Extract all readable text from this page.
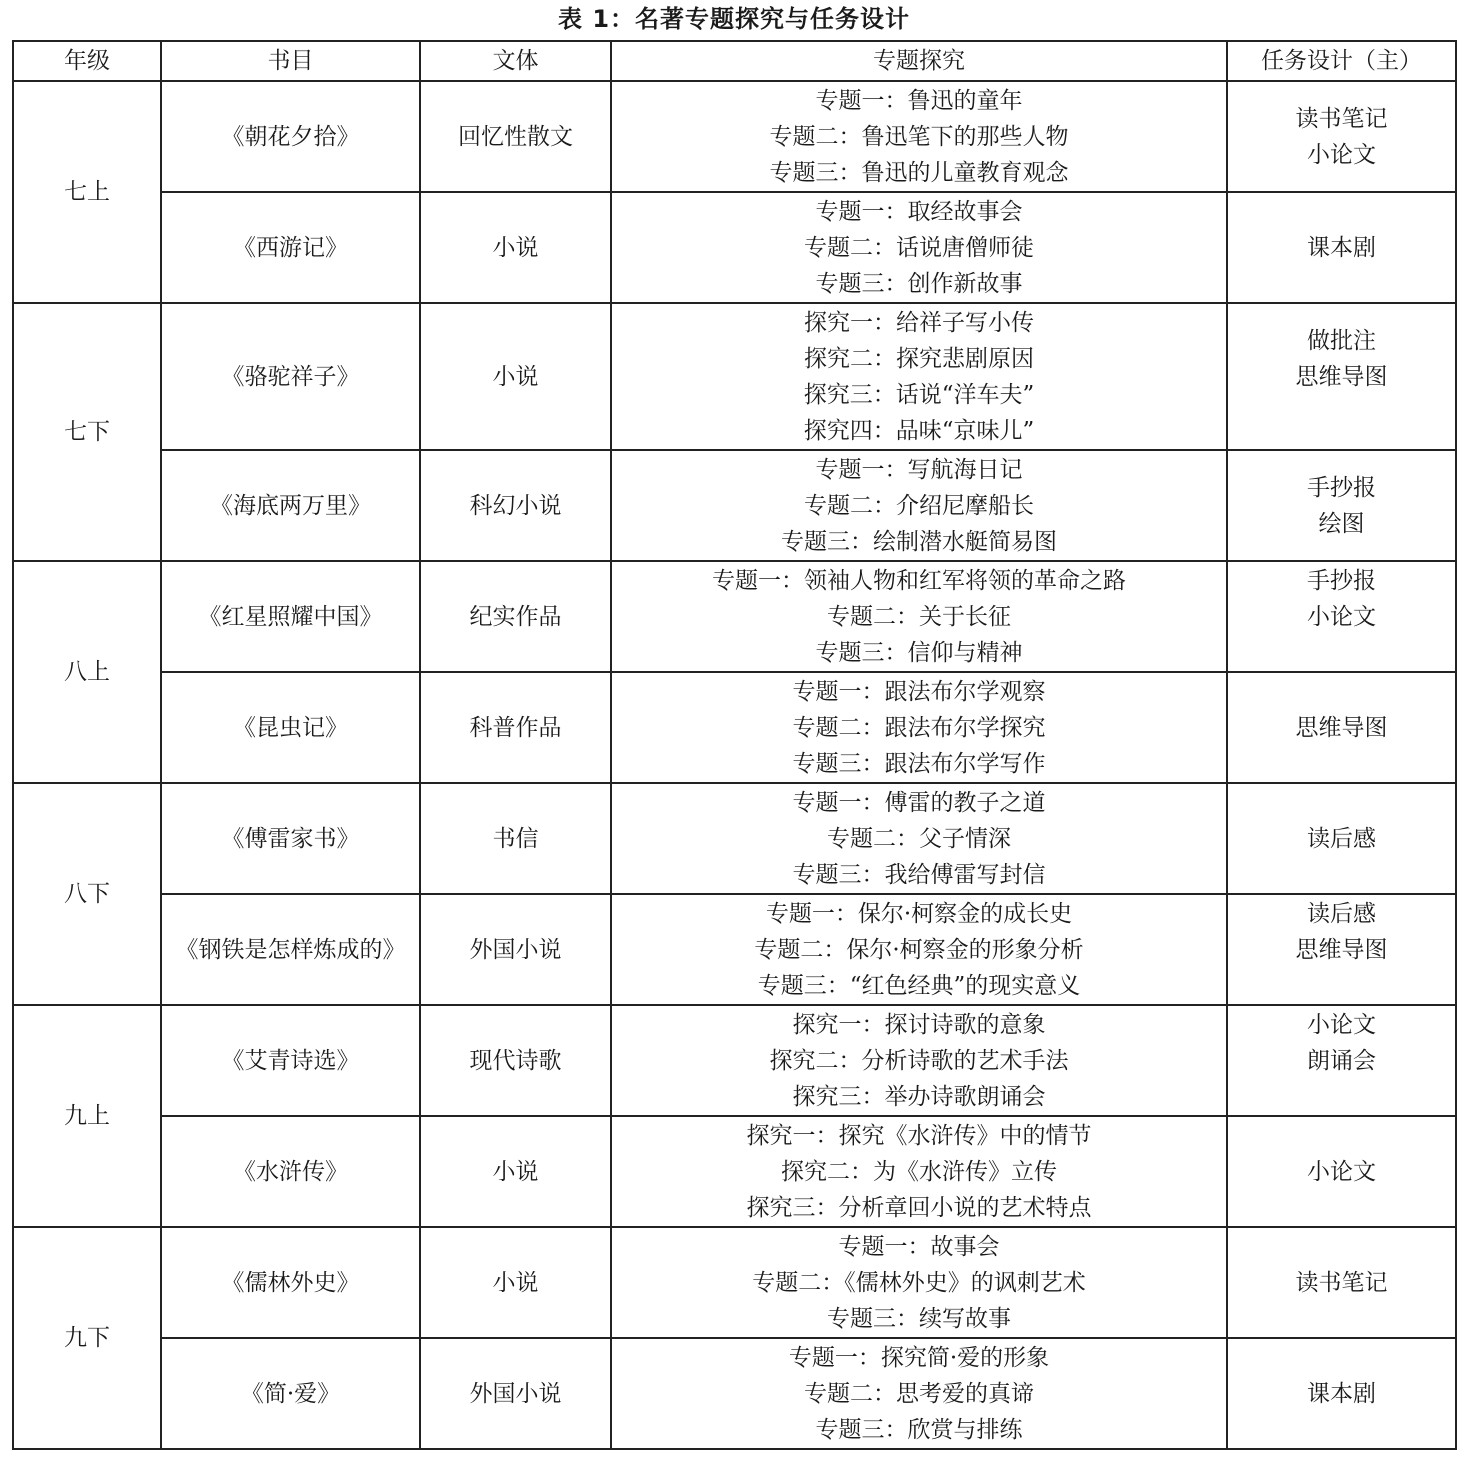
表 1：名著专题探究与任务设计
年级	书目	文体	专题探究	任务设计（主）
七上	《朝花夕拾》	回忆性散文	专题一：鲁迅的童年
专题二：鲁迅笔下的那些人物
专题三：鲁迅的儿童教育观念	读书笔记
小论文

	《西游记》	小说	专题一：取经故事会
专题二：话说唐僧师徒
专题三：创作新故事	课本剧

七下	《骆驼祥子》	小说	探究一：给祥子写小传
探究二：探究悲剧原因
探究三：话说“洋车夫”
探究四：品味“京味儿”	做批注
思维导图

	《海底两万里》	科幻小说	专题一：写航海日记
专题二：介绍尼摩船长
专题三：绘制潜水艇简易图	手抄报
绘图

八上	《红星照耀中国》	纪实作品	专题一：领袖人物和红军将领的革命之路
专题二：关于长征
专题三：信仰与精神	手抄报
小论文

	《昆虫记》	科普作品	专题一：跟法布尔学观察
专题二：跟法布尔学探究
专题三：跟法布尔学写作	思维导图

八下	《傅雷家书》	书信	专题一：傅雷的教子之道
专题二：父子情深
专题三：我给傅雷写封信	读后感

	《钢铁是怎样炼成的》	外国小说	专题一：保尔·柯察金的成长史
专题二：保尔·柯察金的形象分析
专题三：“红色经典”的现实意义	读后感
思维导图

九上	《艾青诗选》	现代诗歌	探究一：探讨诗歌的意象
探究二：分析诗歌的艺术手法
探究三：举办诗歌朗诵会	小论文
朗诵会

	《水浒传》	小说	探究一：探究《水浒传》中的情节
探究二：为《水浒传》立传
探究三：分析章回小说的艺术特点	小论文

九下	《儒林外史》	小说	专题一：故事会
专题二：《儒林外史》的讽刺艺术
专题三：续写故事	读书笔记

	《简·爱》	外国小说	专题一：探究简·爱的形象
专题二：思考爱的真谛
专题三：欣赏与排练	课本剧
